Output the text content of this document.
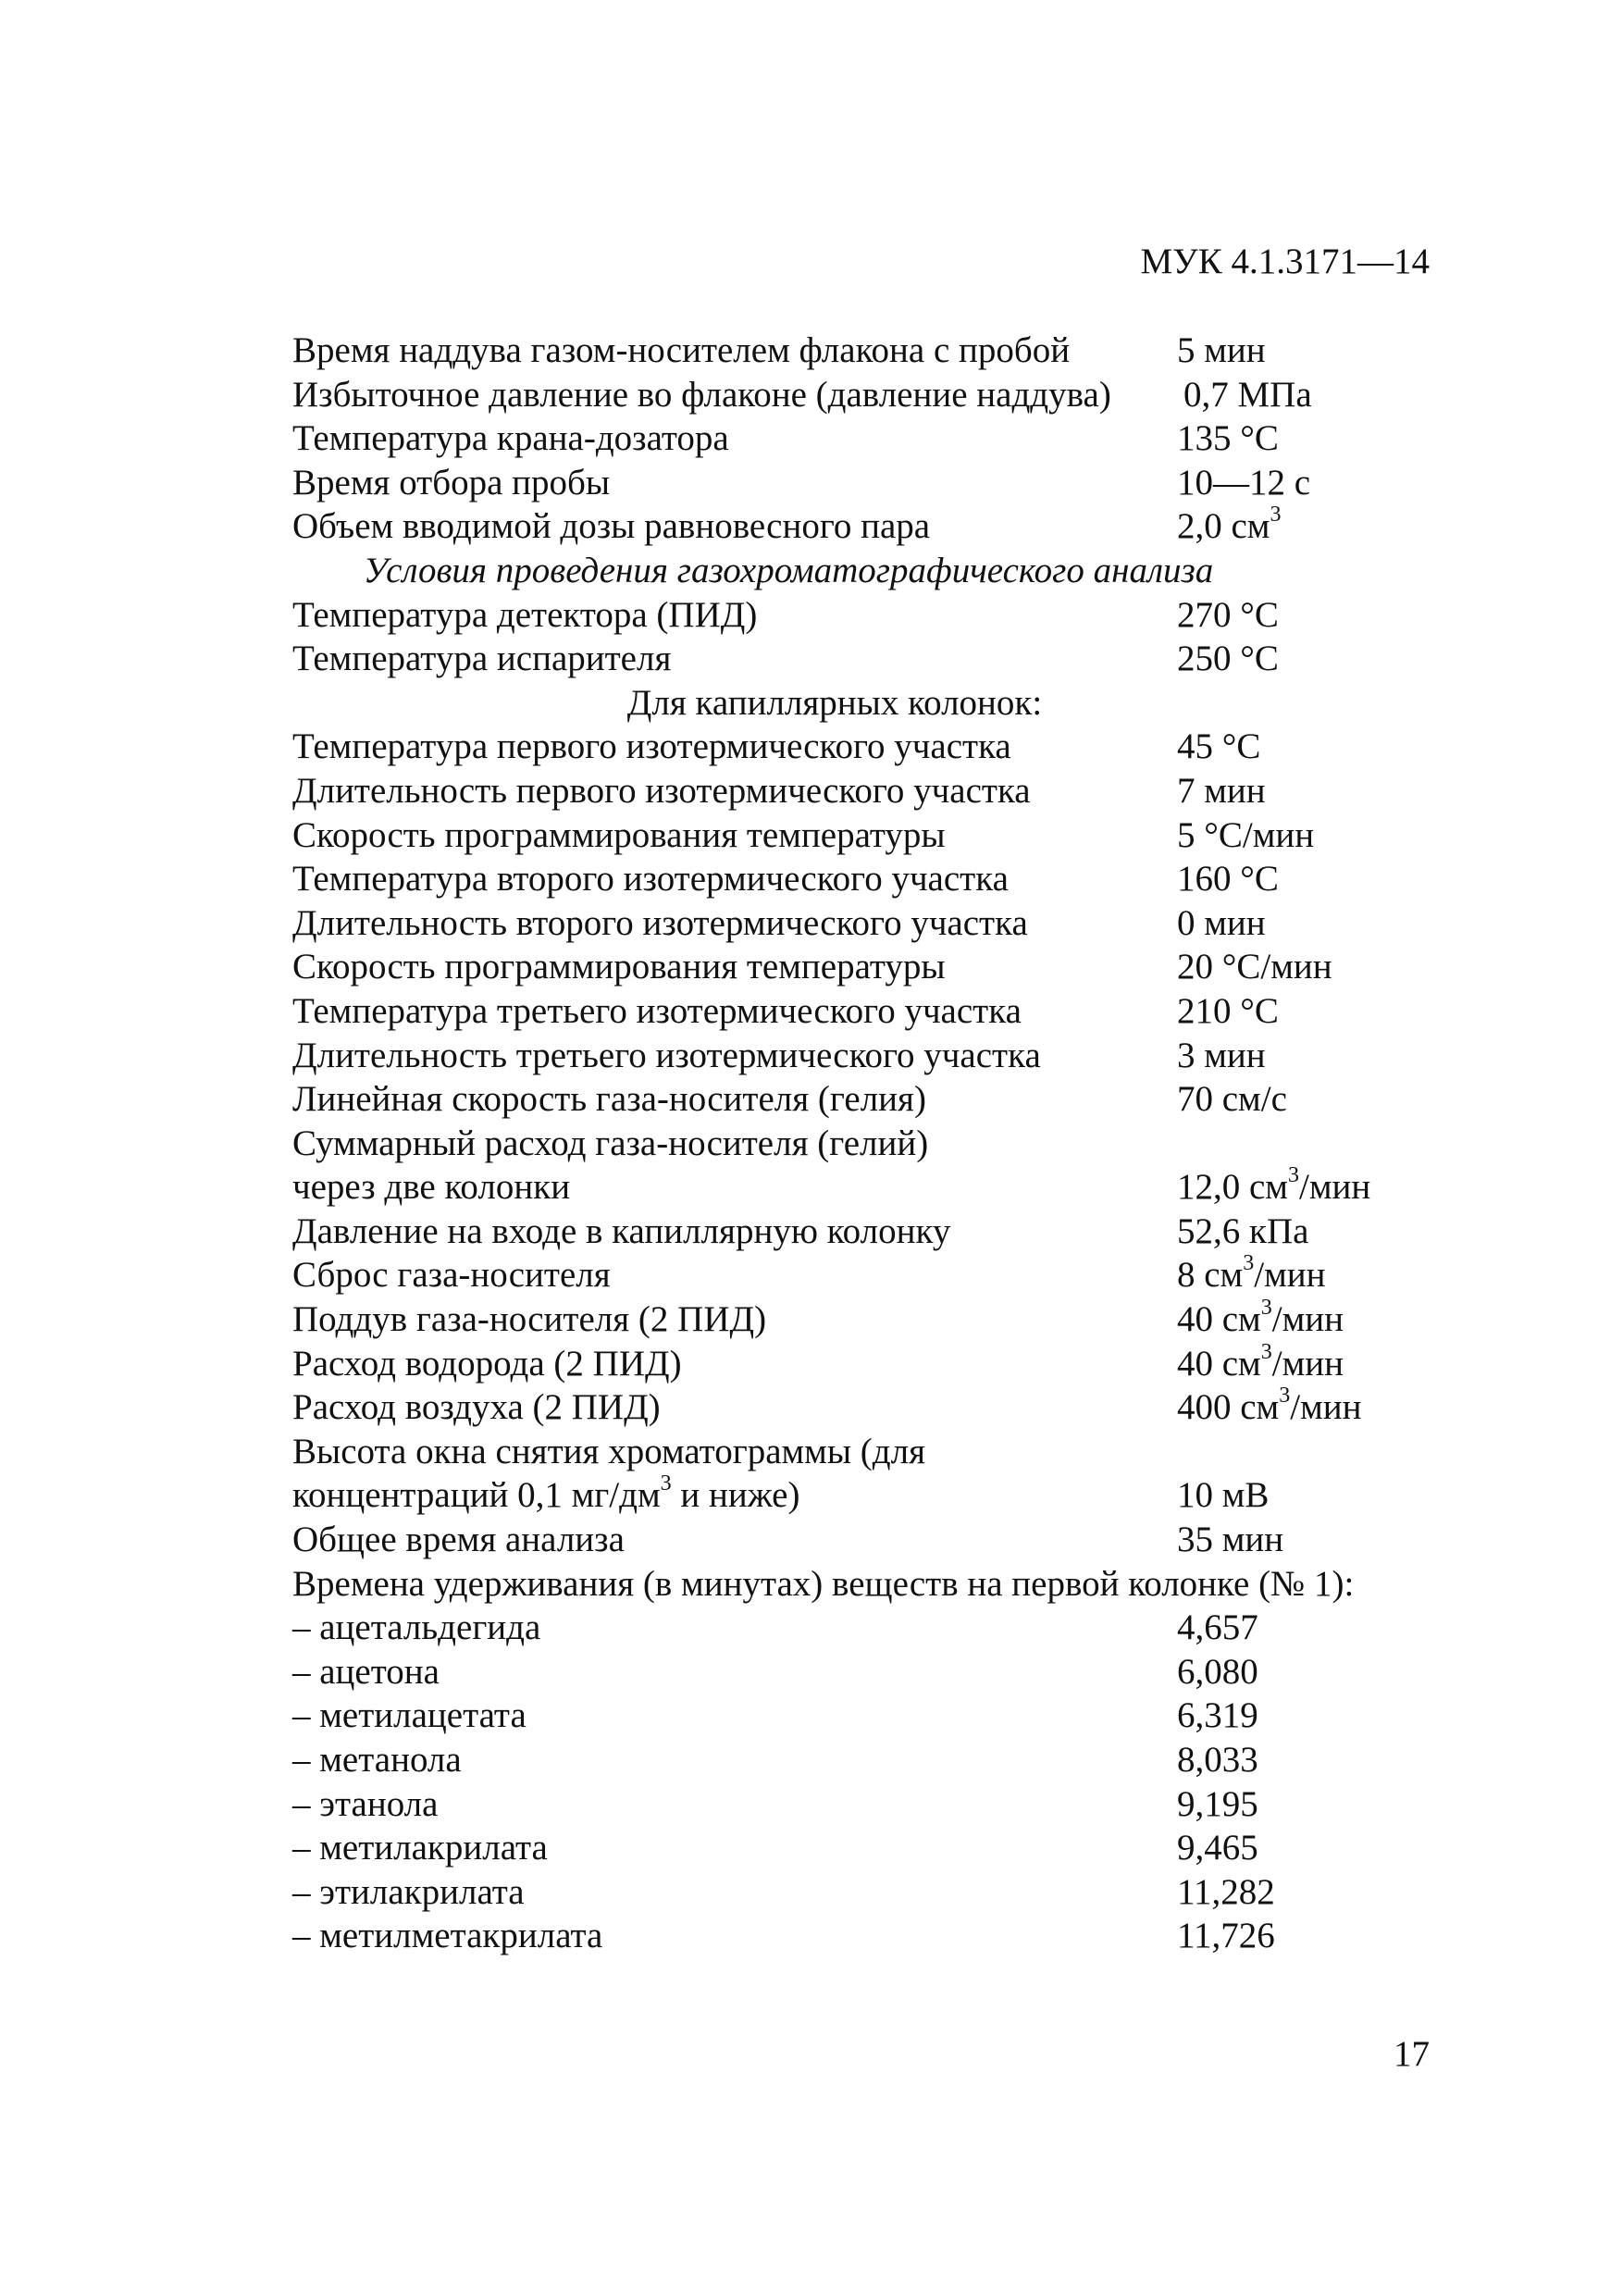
МУК 4.1.3171—14
Время наддува газом-носителем флакона с пробой	5 мин
Избыточное давление во флаконе (давление наддува) 0,7 МПа
Температура крана-дозатора	135 °С
Время отбора пробы	10—12 с
Объем вводимой дозы равновесного пара	2,0 $см^3$
Условия проведения газохроматографического анализа
Температура детектора (ПИД)	270 °С
Температура испарителя	250 °С
Для капиллярных колонок:
Температура первого изотермического участка	45 °С
Длительность первого изотермического участка	7 мин
Скорость программирования температуры	5 °С/мин
Температура второго изотермического участка	160 °С
Длительность второго изотермического участка	0 мин
Скорость программирования температуры	20 °С/мин
Температура третьего изотермического участка	210 °С
Длительность третьего изотермического участка	3 мин
Линейная скорость газа-носителя (гелия)	70 см/с
Суммарный расход газа-носителя (гелий)
через две колонки	12,0 $см^3$/мин
Давление на входе в капиллярную колонку	52,6 кПа
Сброс газа-носителя	8 $см^3$/мин
Поддув газа-носителя (2 ПИД)	40 $см^3$/мин
Расход водорода (2 ПИД)	40 $см^3$/мин
Расход воздуха (2 ПИД)	400 $см^3$/мин
Высота окна снятия хроматограммы (для
концентраций 0,1 $мг/дм^3$ и ниже)	10 мВ
Общее время анализа	35 мин
Времена удерживания (в минутах) веществ на первой колонке (№ 1):
– ацетальдегида	4,657
– ацетона	6,080
– метилацетата	6,319
– метанола	8,033
– этанола	9,195
– метилакрилата	9,465
– этилакрилата	11,282
– метилметакрилата	11,726
17
